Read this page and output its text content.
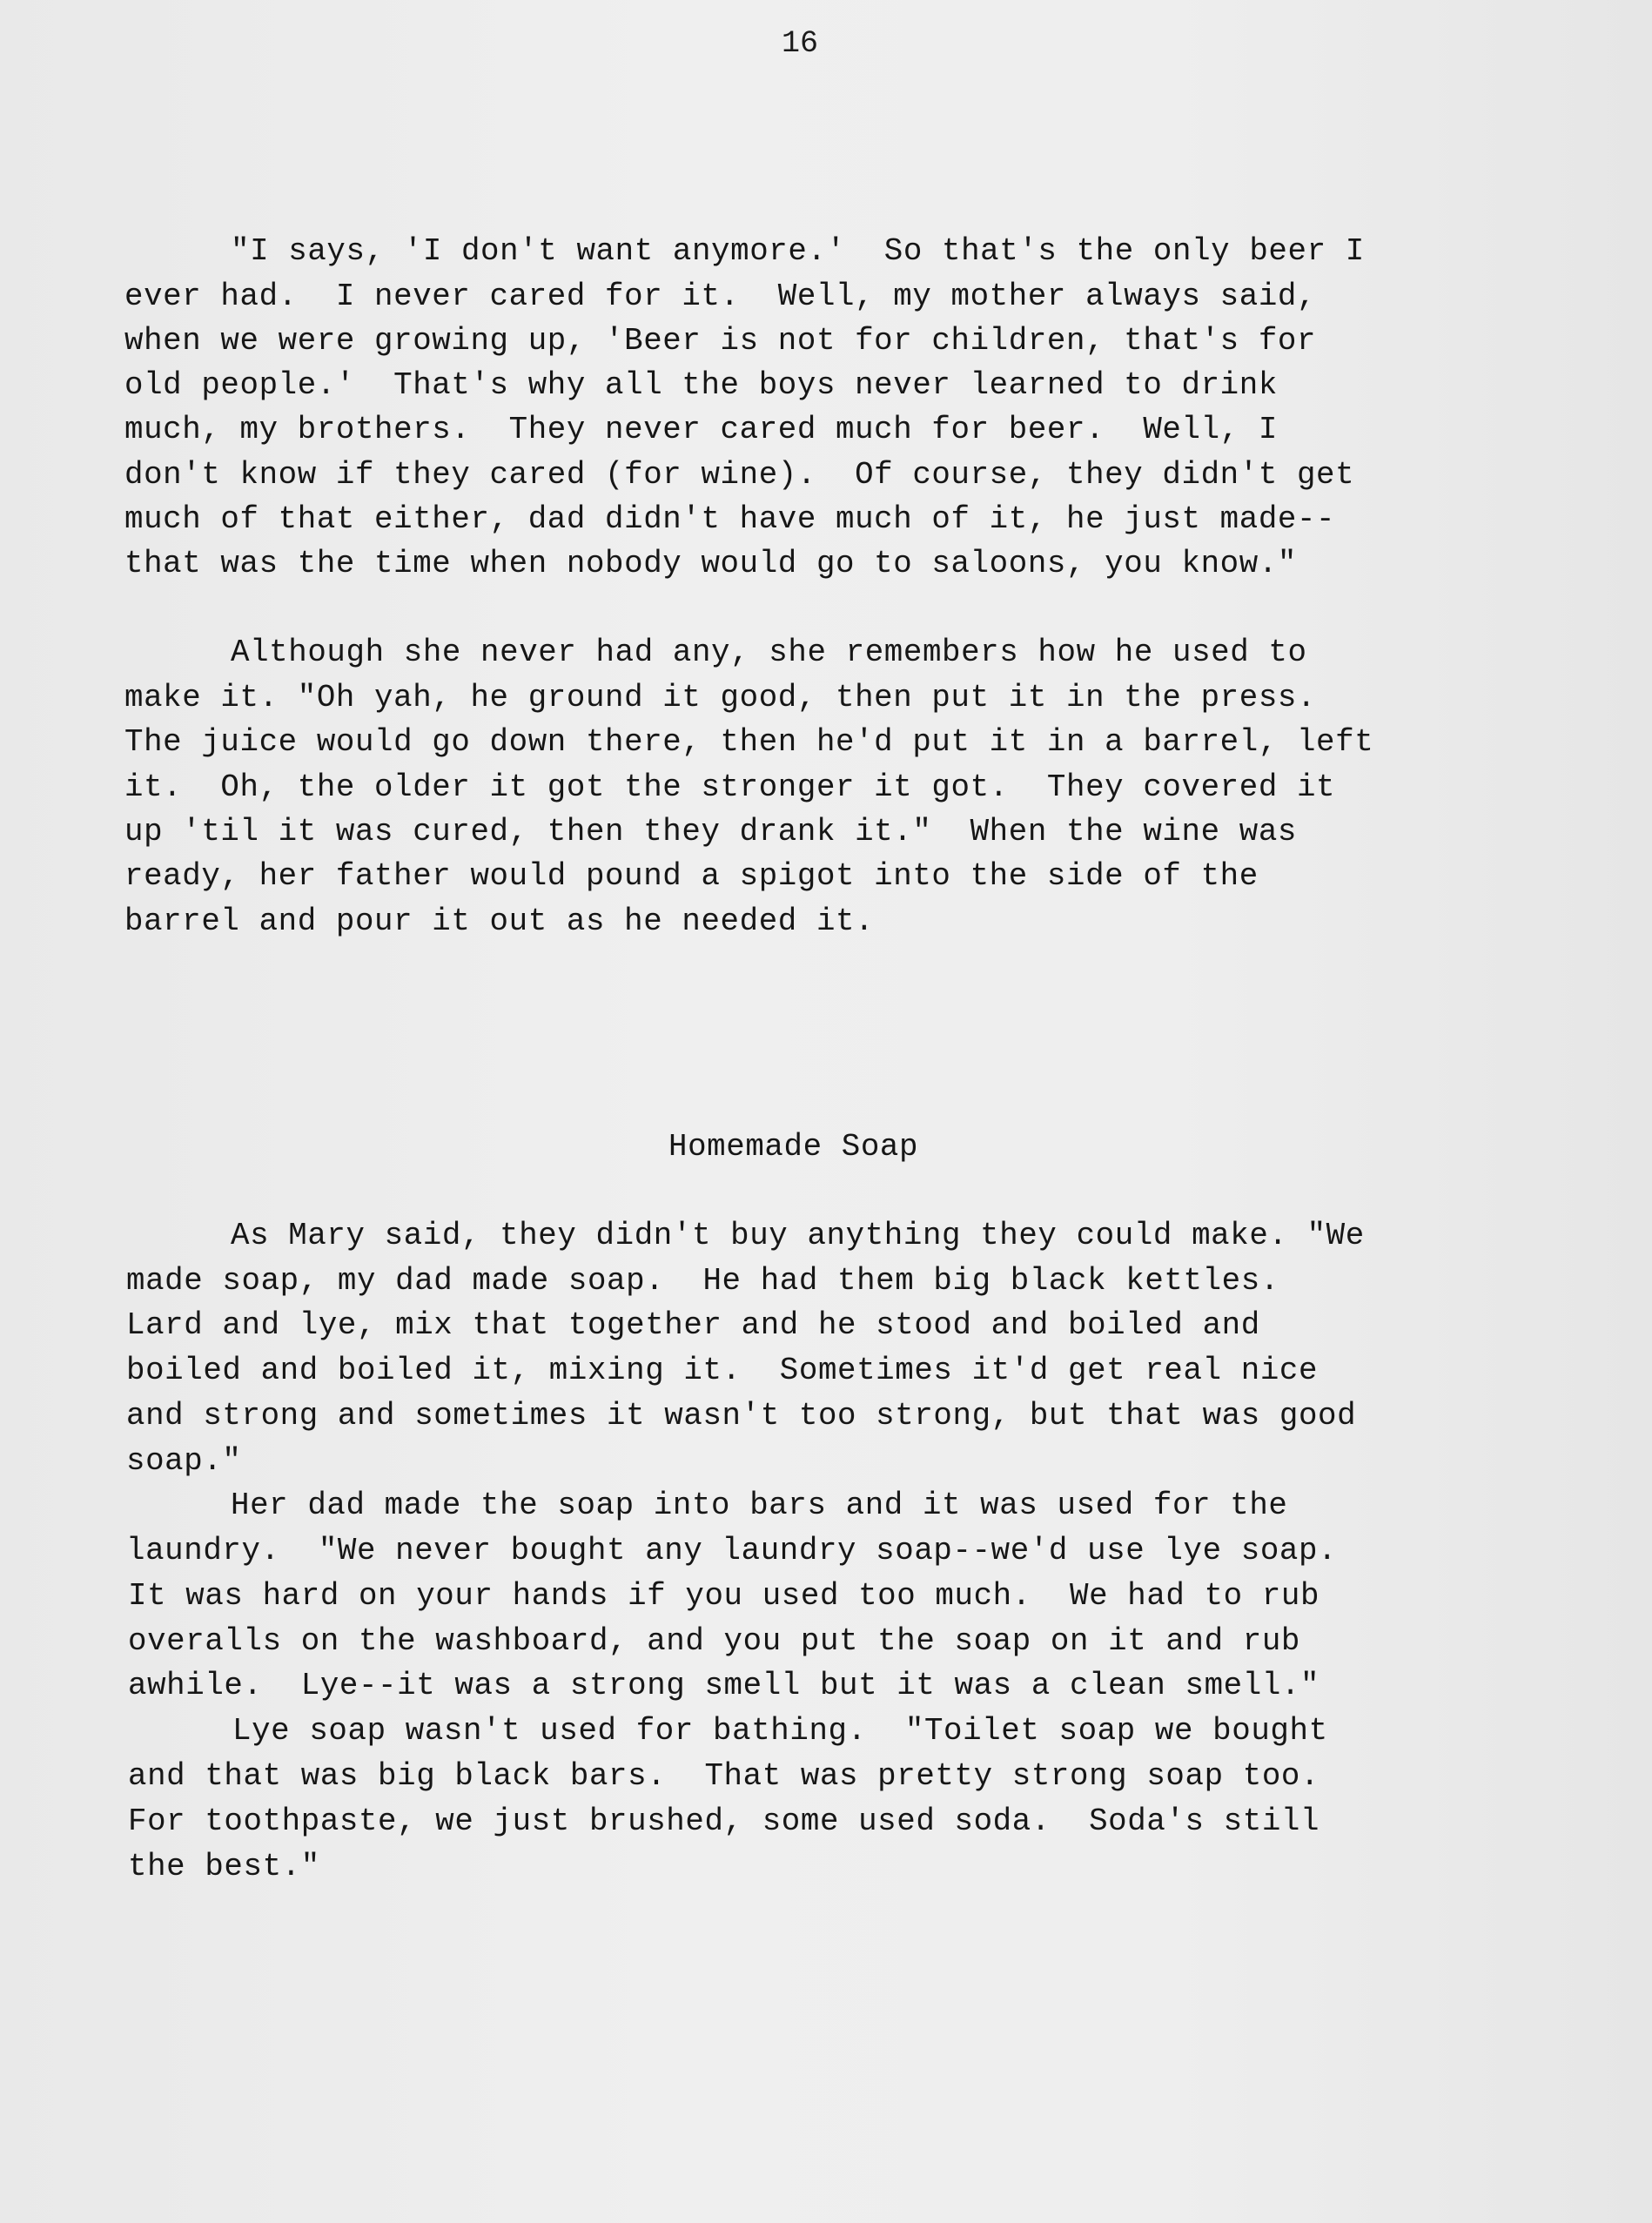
16
"I says, 'I don't want anymore.'  So that's the only beer I
ever had.  I never cared for it.  Well, my mother always said,
when we were growing up, 'Beer is not for children, that's for
old people.'  That's why all the boys never learned to drink
much, my brothers.  They never cared much for beer.  Well, I
don't know if they cared (for wine).  Of course, they didn't get
much of that either, dad didn't have much of it, he just made--
that was the time when nobody would go to saloons, you know."
Although she never had any, she remembers how he used to
make it. "Oh yah, he ground it good, then put it in the press.
The juice would go down there, then he'd put it in a barrel, left
it.  Oh, the older it got the stronger it got.  They covered it
up 'til it was cured, then they drank it."  When the wine was
ready, her father would pound a spigot into the side of the
barrel and pour it out as he needed it.
Homemade Soap
As Mary said, they didn't buy anything they could make. "We
made soap, my dad made soap.  He had them big black kettles.
Lard and lye, mix that together and he stood and boiled and
boiled and boiled it, mixing it.  Sometimes it'd get real nice
and strong and sometimes it wasn't too strong, but that was good
soap."
Her dad made the soap into bars and it was used for the
laundry.  "We never bought any laundry soap--we'd use lye soap.
It was hard on your hands if you used too much.  We had to rub
overalls on the washboard, and you put the soap on it and rub
awhile.  Lye--it was a strong smell but it was a clean smell."
Lye soap wasn't used for bathing.  "Toilet soap we bought
and that was big black bars.  That was pretty strong soap too.
For toothpaste, we just brushed, some used soda.  Soda's still
the best."
